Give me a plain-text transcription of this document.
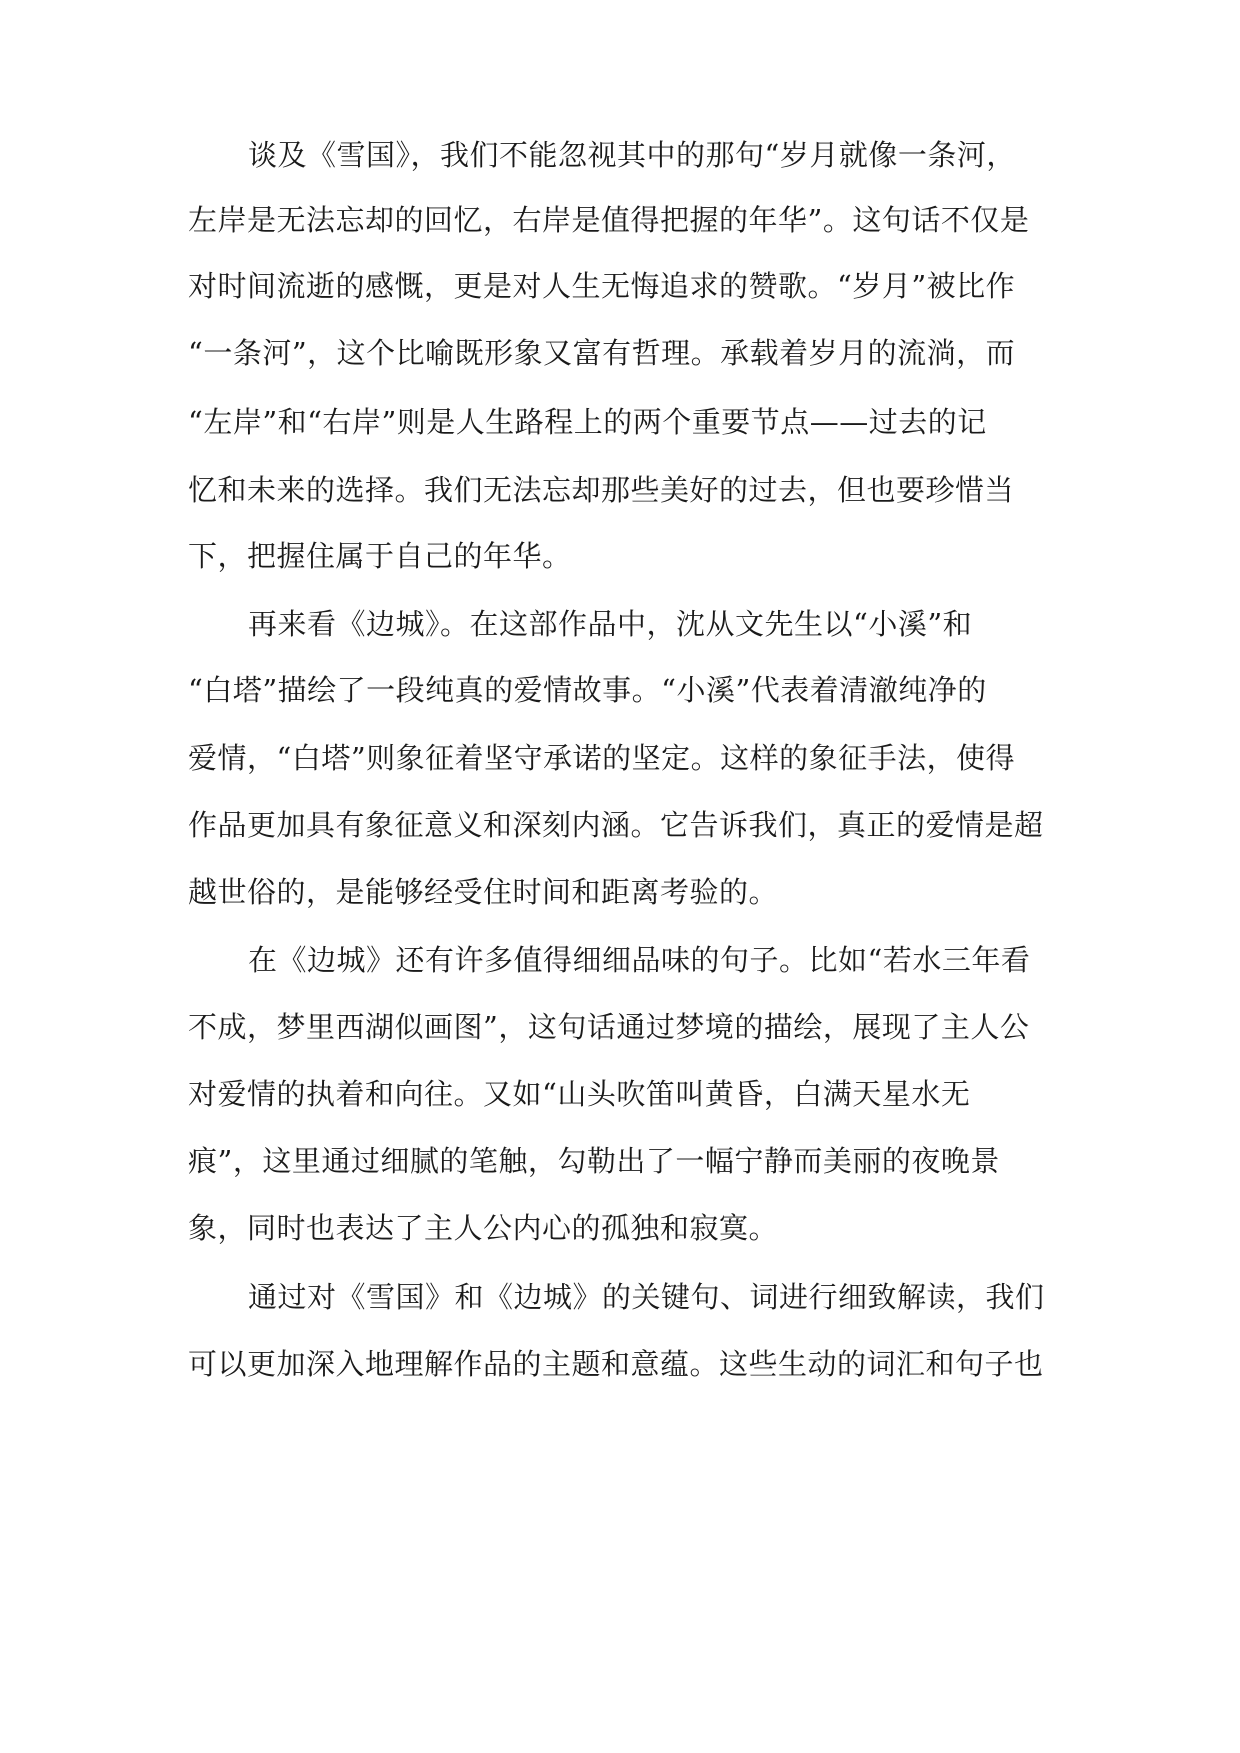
谈及《雪国》，我们不能忽视其中的那句“岁月就像一条河，
左岸是无法忘却的回忆，右岸是值得把握的年华”。这句话不仅是
对时间流逝的感慨，更是对人生无悔追求的赞歌。“岁月”被比作
“一条河”，这个比喻既形象又富有哲理。承载着岁月的流淌，而
“左岸”和“右岸”则是人生路程上的两个重要节点——过去的记
忆和未来的选择。我们无法忘却那些美好的过去，但也要珍惜当
下，把握住属于自己的年华。
再来看《边城》。在这部作品中，沈从文先生以“小溪”和
“白塔”描绘了一段纯真的爱情故事。“小溪”代表着清澈纯净的
爱情，“白塔”则象征着坚守承诺的坚定。这样的象征手法，使得
作品更加具有象征意义和深刻内涵。它告诉我们，真正的爱情是超
越世俗的，是能够经受住时间和距离考验的。
在《边城》还有许多值得细细品味的句子。比如“若水三年看
不成，梦里西湖似画图”，这句话通过梦境的描绘，展现了主人公
对爱情的执着和向往。又如“山头吹笛叫黄昏，白满天星水无
痕”，这里通过细腻的笔触，勾勒出了一幅宁静而美丽的夜晚景
象，同时也表达了主人公内心的孤独和寂寞。
通过对《雪国》和《边城》的关键句、词进行细致解读，我们
可以更加深入地理解作品的主题和意蕴。这些生动的词汇和句子也
